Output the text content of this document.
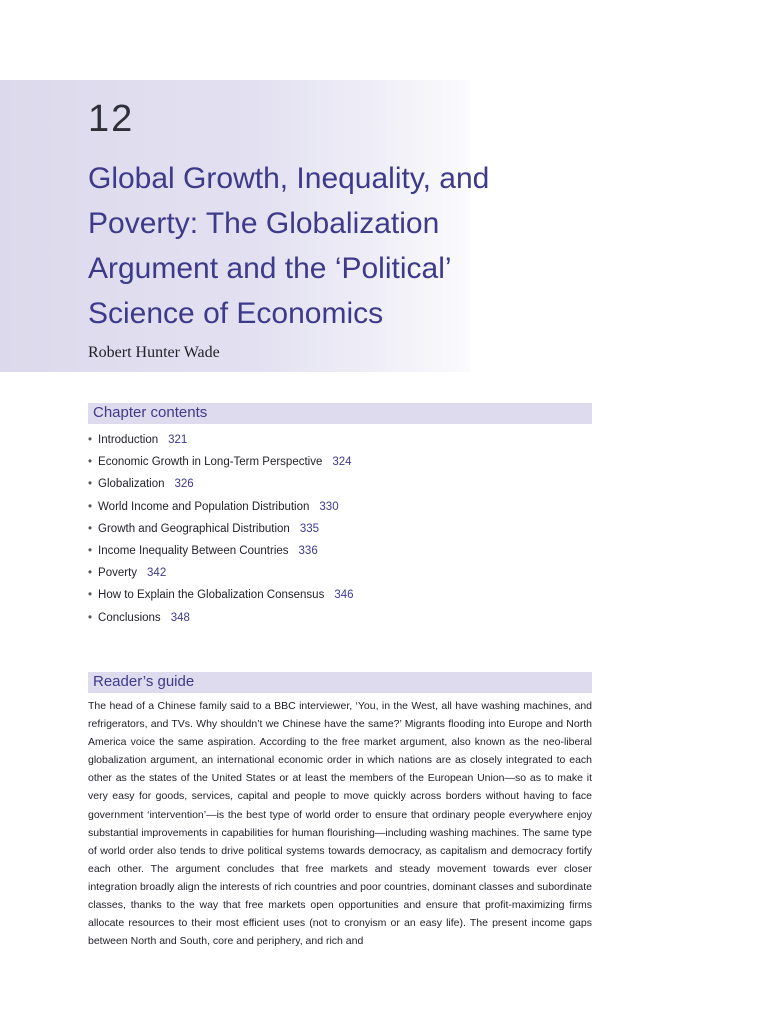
12
Global Growth, Inequality, and Poverty: The Globalization Argument and the ‘Political’ Science of Economics
Robert Hunter Wade
Chapter contents
• Introduction 321
• Economic Growth in Long-Term Perspective 324
• Globalization 326
• World Income and Population Distribution 330
• Growth and Geographical Distribution 335
• Income Inequality Between Countries 336
• Poverty 342
• How to Explain the Globalization Consensus 346
• Conclusions 348
Reader’s guide

The head of a Chinese family said to a BBC interviewer, ‘You, in the West, all have washing machines, and refrigerators, and TVs. Why shouldn’t we Chinese have the same?’ Migrants flooding into Europe and North America voice the same aspiration. According to the free market argument, also known as the neo-liberal globalization argument, an international economic order in which nations are as closely integrated to each other as the states of the United States or at least the members of the European Union—so as to make it very easy for goods, services, capital and people to move quickly across borders without having to face government ‘intervention’—is the best type of world order to ensure that ordinary people everywhere enjoy substantial improvements in capabilities for human flourishing—including washing machines. The same type of world order also tends to drive political systems towards democracy, as capitalism and democracy fortify each other. The argument concludes that free markets and steady movement towards ever closer integration broadly align the interests of rich countries and poor countries, dominant classes and subordinate classes, thanks to the way that free markets open opportunities and ensure that profit-maximizing firms allocate resources to their most efficient uses (not to cronyism or an easy life). The present income gaps between North and South, core and periphery, and rich and
